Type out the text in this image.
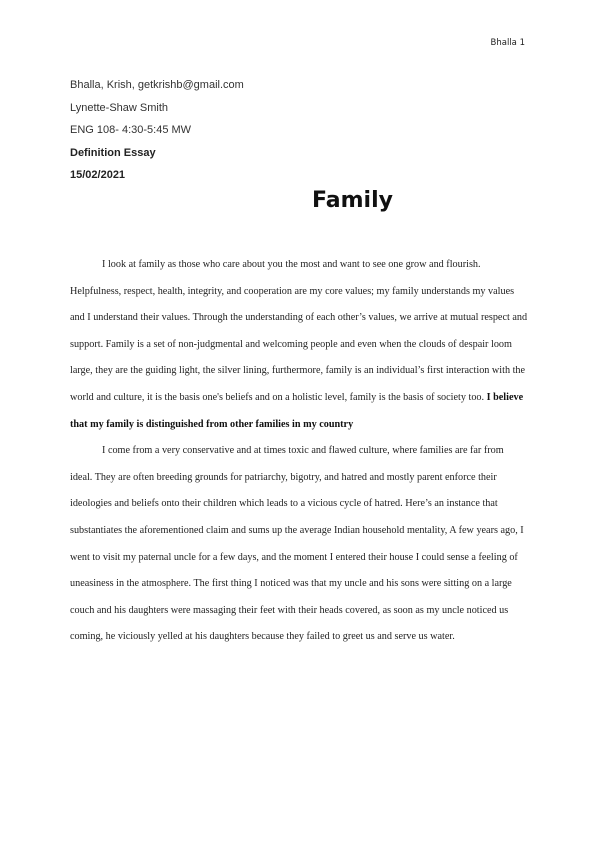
Bhalla 1
Bhalla, Krish, getkrishb@gmail.com
Lynette-Shaw Smith
ENG 108- 4:30-5:45 MW
Definition Essay
15/02/2021
Family

I look at family as those who care about you the most and want to see one grow and flourish. Helpfulness, respect, health, integrity, and cooperation are my core values; my family understands my values and I understand their values. Through the understanding of each other’s values, we arrive at mutual respect and support. Family is a set of non-judgmental and welcoming people and even when the clouds of despair loom large, they are the guiding light, the silver lining, furthermore, family is an individual’s first interaction with the world and culture, it is the basis one's beliefs and on a holistic level, family is the basis of society too. I believe that my family is distinguished from other families in my country

I come from a very conservative and at times toxic and flawed culture, where families are far from ideal. They are often breeding grounds for patriarchy, bigotry, and hatred and mostly parent enforce their ideologies and beliefs onto their children which leads to a vicious cycle of hatred. Here’s an instance that substantiates the aforementioned claim and sums up the average Indian household mentality, A few years ago, I went to visit my paternal uncle for a few days, and the moment I entered their house I could sense a feeling of uneasiness in the atmosphere. The first thing I noticed was that my uncle and his sons were sitting on a large couch and his daughters were massaging their feet with their heads covered, as soon as my uncle noticed us coming, he viciously yelled at his daughters because they failed to greet us and serve us water.
